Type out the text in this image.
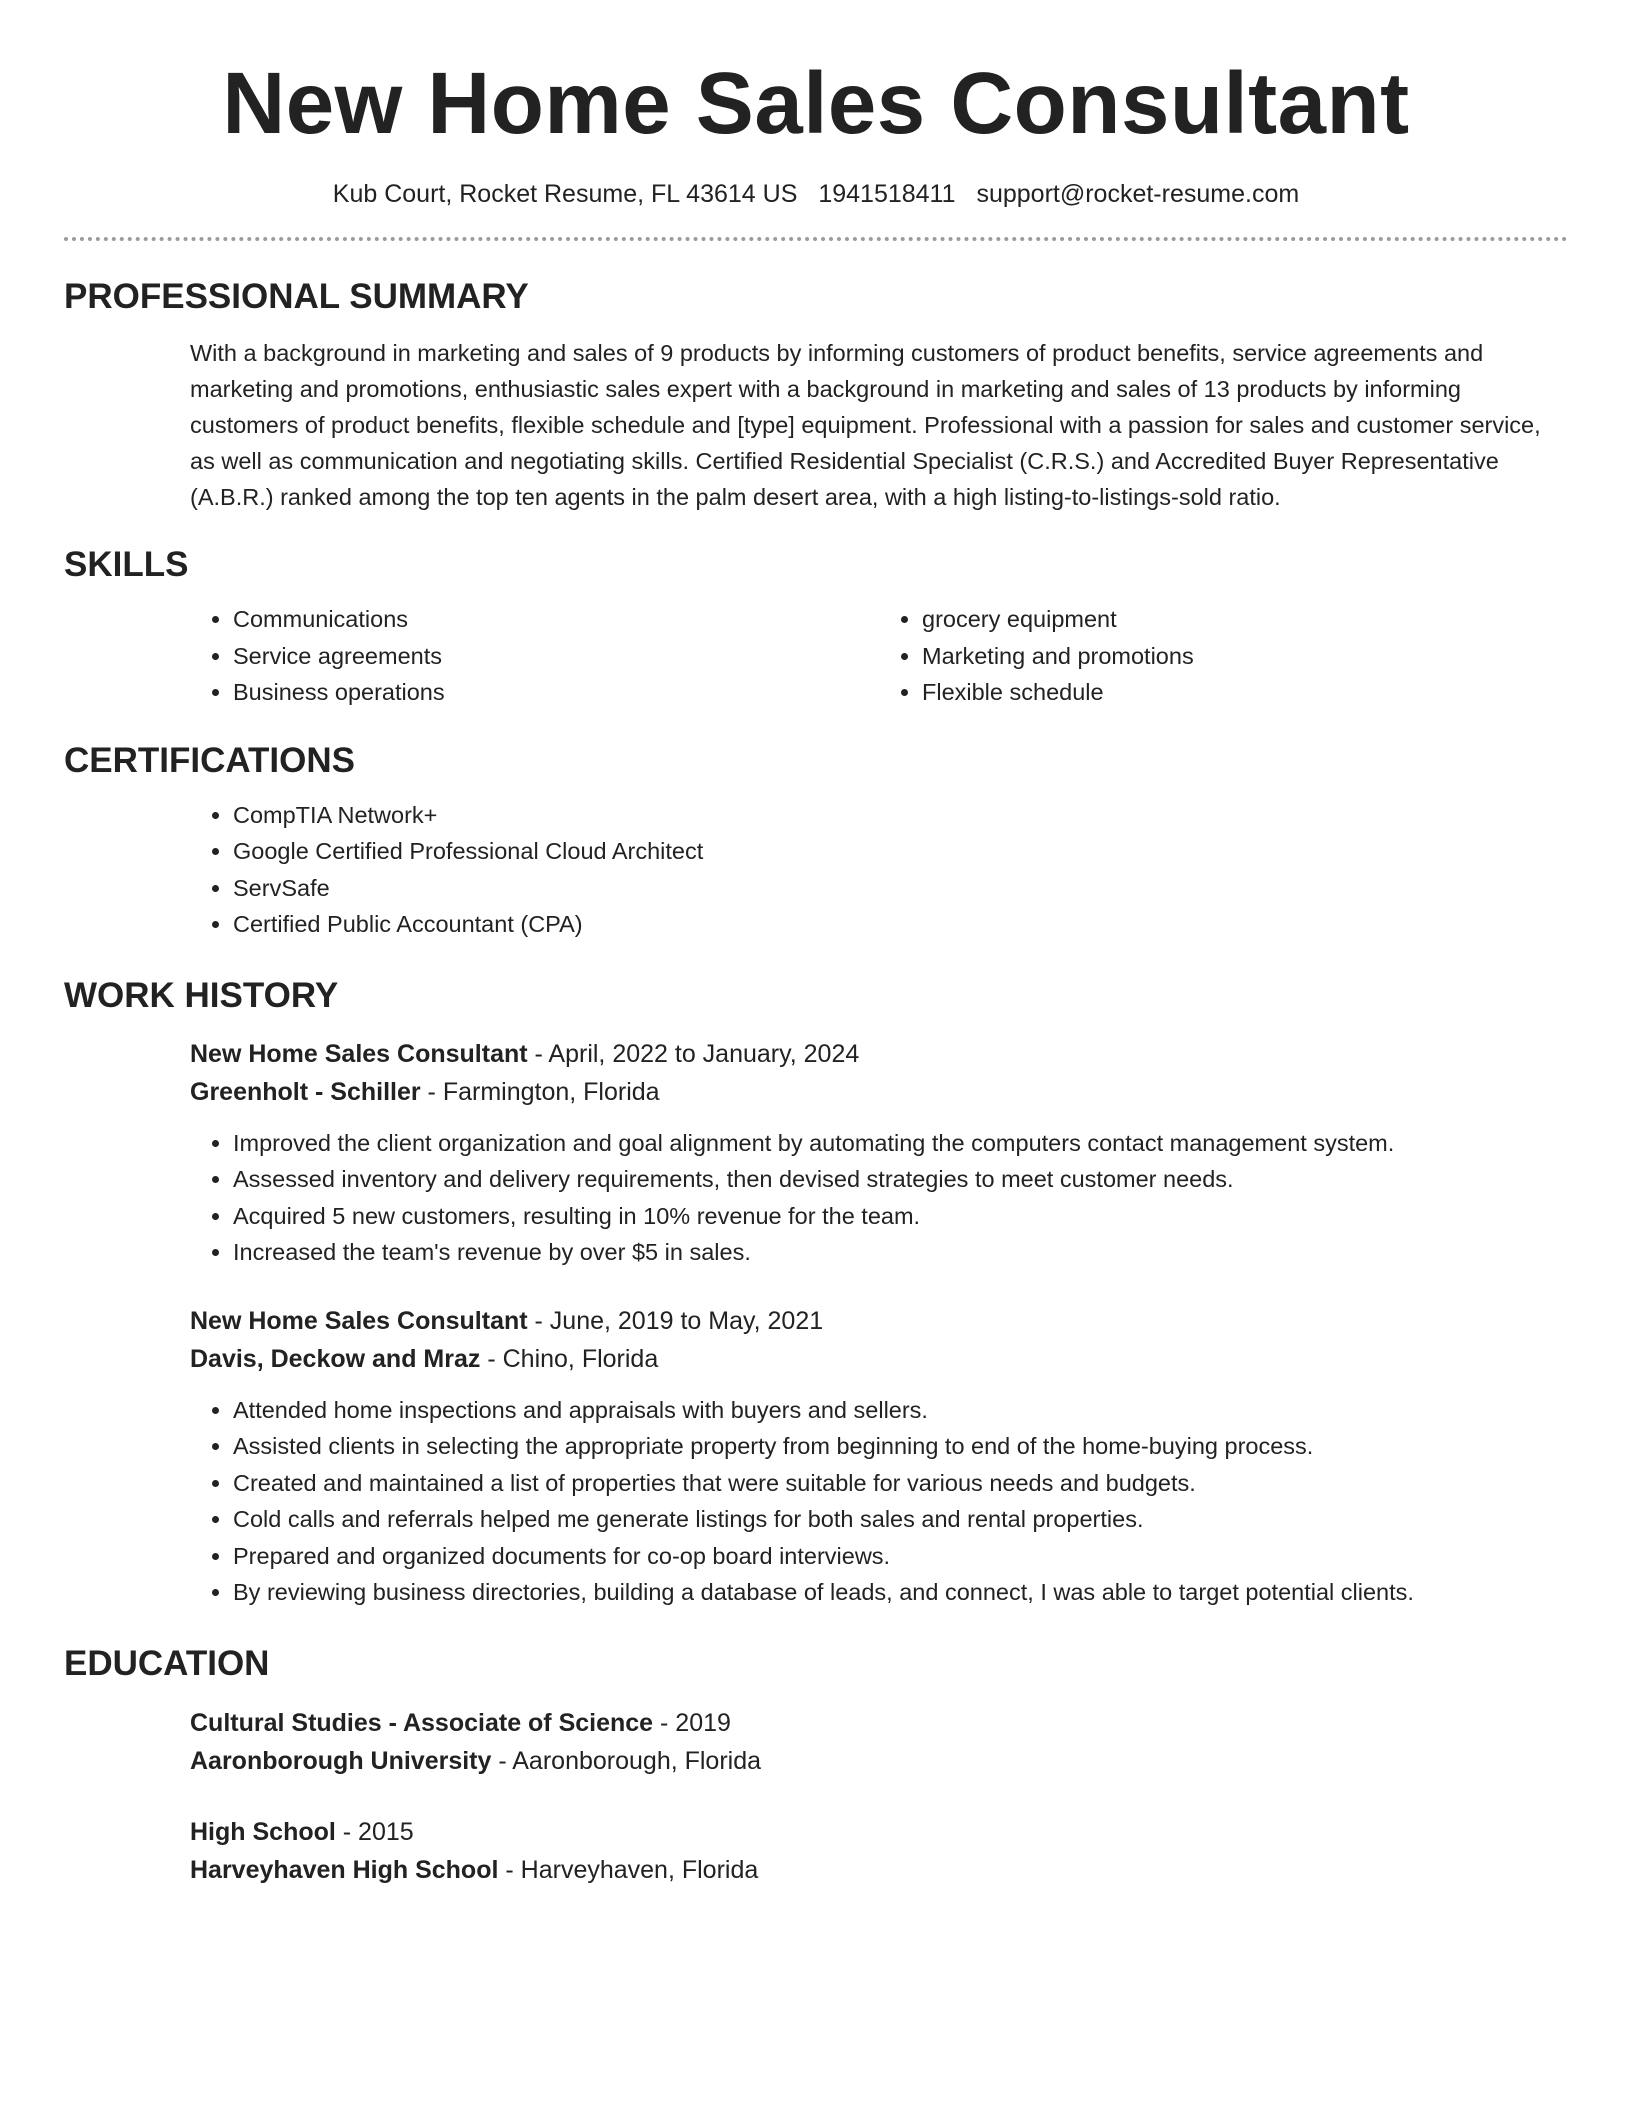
New Home Sales Consultant
Kub Court, Rocket Resume, FL 43614 US 1941518411 support@rocket-resume.com
PROFESSIONAL SUMMARY

With a background in marketing and sales of 9 products by informing customers of product benefits, service agreements and marketing and promotions, enthusiastic sales expert with a background in marketing and sales of 13 products by informing customers of product benefits, flexible schedule and [type] equipment. Professional with a passion for sales and customer service, as well as communication and negotiating skills. Certified Residential Specialist (C.R.S.) and Accredited Buyer Representative (A.B.R.) ranked among the top ten agents in the palm desert area, with a high listing-to-listings-sold ratio.

SKILLS
• Communications
• Service agreements
• Business operations
• grocery equipment
• Marketing and promotions
• Flexible schedule
CERTIFICATIONS
• CompTIA Network+
• Google Certified Professional Cloud Architect
• ServSafe
• Certified Public Accountant (CPA)
WORK HISTORY
New Home Sales Consultant - April, 2022 to January, 2024
Greenholt - Schiller - Farmington, Florida
• Improved the client organization and goal alignment by automating the computers contact management system.
• Assessed inventory and delivery requirements, then devised strategies to meet customer needs.
• Acquired 5 new customers, resulting in 10% revenue for the team.
• Increased the team's revenue by over $5 in sales.
New Home Sales Consultant - June, 2019 to May, 2021
Davis, Deckow and Mraz - Chino, Florida
• Attended home inspections and appraisals with buyers and sellers.
• Assisted clients in selecting the appropriate property from beginning to end of the home-buying process.
• Created and maintained a list of properties that were suitable for various needs and budgets.
• Cold calls and referrals helped me generate listings for both sales and rental properties.
• Prepared and organized documents for co-op board interviews.
• By reviewing business directories, building a database of leads, and connect, I was able to target potential clients.
EDUCATION
Cultural Studies - Associate of Science - 2019
Aaronborough University - Aaronborough, Florida
High School - 2015
Harveyhaven High School - Harveyhaven, Florida
